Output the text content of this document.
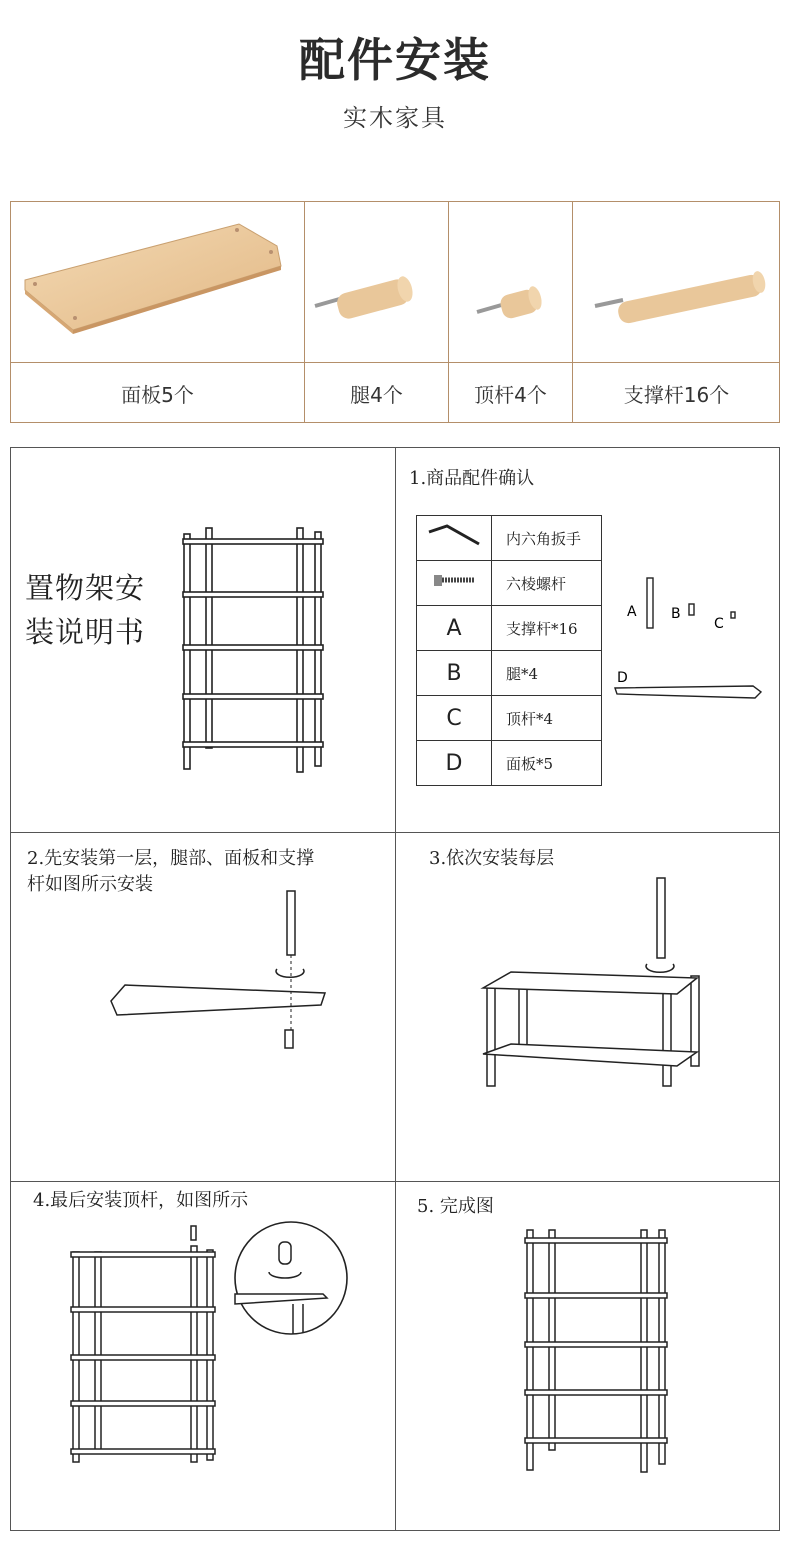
配件安装
实木家具
面板5个	腿4个	顶杆4个	支撑杆16个
置物架安
装说明书
1.商品配件确认
	内六角扳手
	六棱螺杆
A	支撑杆*16
B	腿*4
C	顶杆*4
D	面板*5
A B
C
D
2.先安装第一层，腿部、面板和支撑
杆如图所示安装
3.依次安装每层
4.最后安装顶杆，如图所示	5. 完成图
